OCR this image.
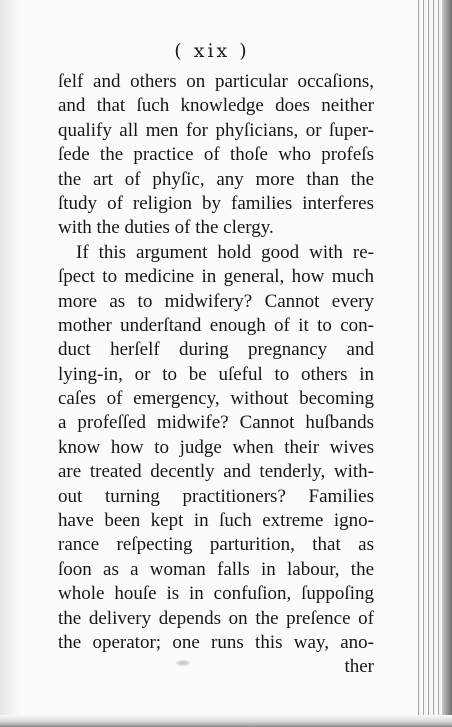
( xix )

ſelf and others on particular occaſions,
and that ſuch knowledge does neither
qualify all men for phyſicians, or ſuper-
ſede the practice of thoſe who profeſs
the art of phyſic, any more than the
ſtudy of religion by families interferes
with the duties of the clergy.
If this argument hold good with re-
ſpect to medicine in general, how much
more as to midwifery? Cannot every
mother underſtand enough of it to con-
duct herſelf during pregnancy and
lying-in, or to be uſeful to others in
caſes of emergency, without becoming
a profeſſed midwife? Cannot huſbands
know how to judge when their wives
are treated decently and tenderly, with-
out turning practitioners? Families
have been kept in ſuch extreme igno-
rance reſpecting parturition, that as
ſoon as a woman falls in labour, the
whole houſe is in confuſion, ſuppoſing
the delivery depends on the preſence of
the operator; one runs this way, ano-
ther
